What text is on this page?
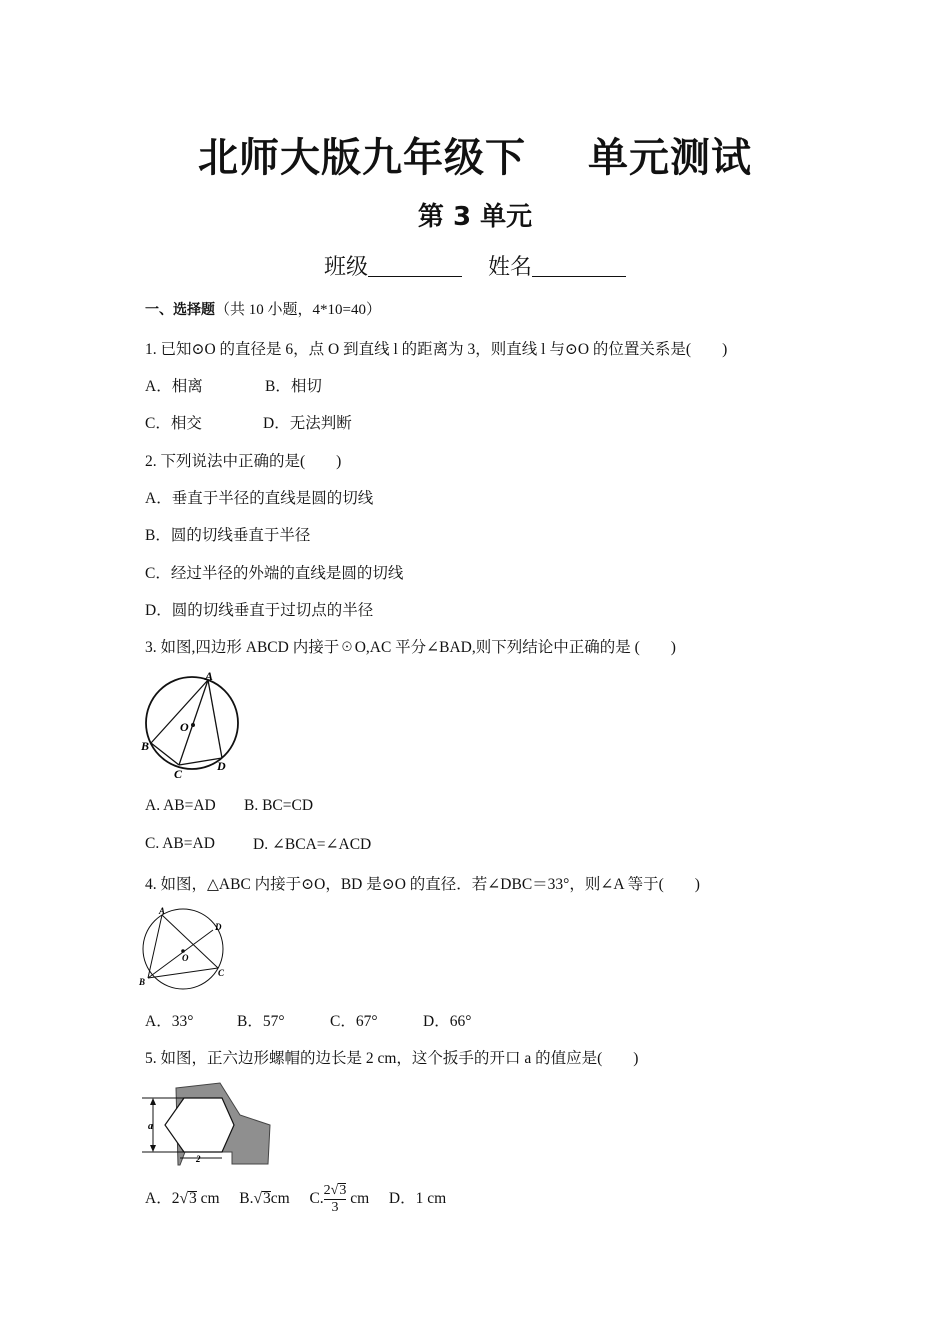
北师大版九年级下 单元测试
第 3 单元
班级	姓名
一、选择题（共 10 小题，4*10=40）
1. 已知⊙O 的直径是 6，点 O 到直线 l 的距离为 3，则直线 l 与⊙O 的位置关系是(　　)
A．相离	B．相切
C．相交	D．无法判断
2. 下列说法中正确的是(　　)
A．垂直于半径的直线是圆的切线
B．圆的切线垂直于半径
C．经过半径的外端的直线是圆的切线
D．圆的切线垂直于过切点的半径
3. 如图,四边形 ABCD 内接于☉O,AC 平分∠BAD,则下列结论中正确的是 (　　)
A
B
C
D
O
A. AB=AD B. BC=CD
C. AB=AD D. ∠BCA=∠ACD
4. 如图，△ABC 内接于⊙O，BD 是⊙O 的直径．若∠DBC＝33°，则∠A 等于(　　)
A
B
C
D
O
A．33°	B．57°	C．67°	D．66°
5. 如图，正六边形螺帽的边长是 2 cm，这个扳手的开口 a 的值应是(　　)
a
2
A．2√3 cm B.√3cm C. $\frac{2√3}{3}$ cm D．1 cm
